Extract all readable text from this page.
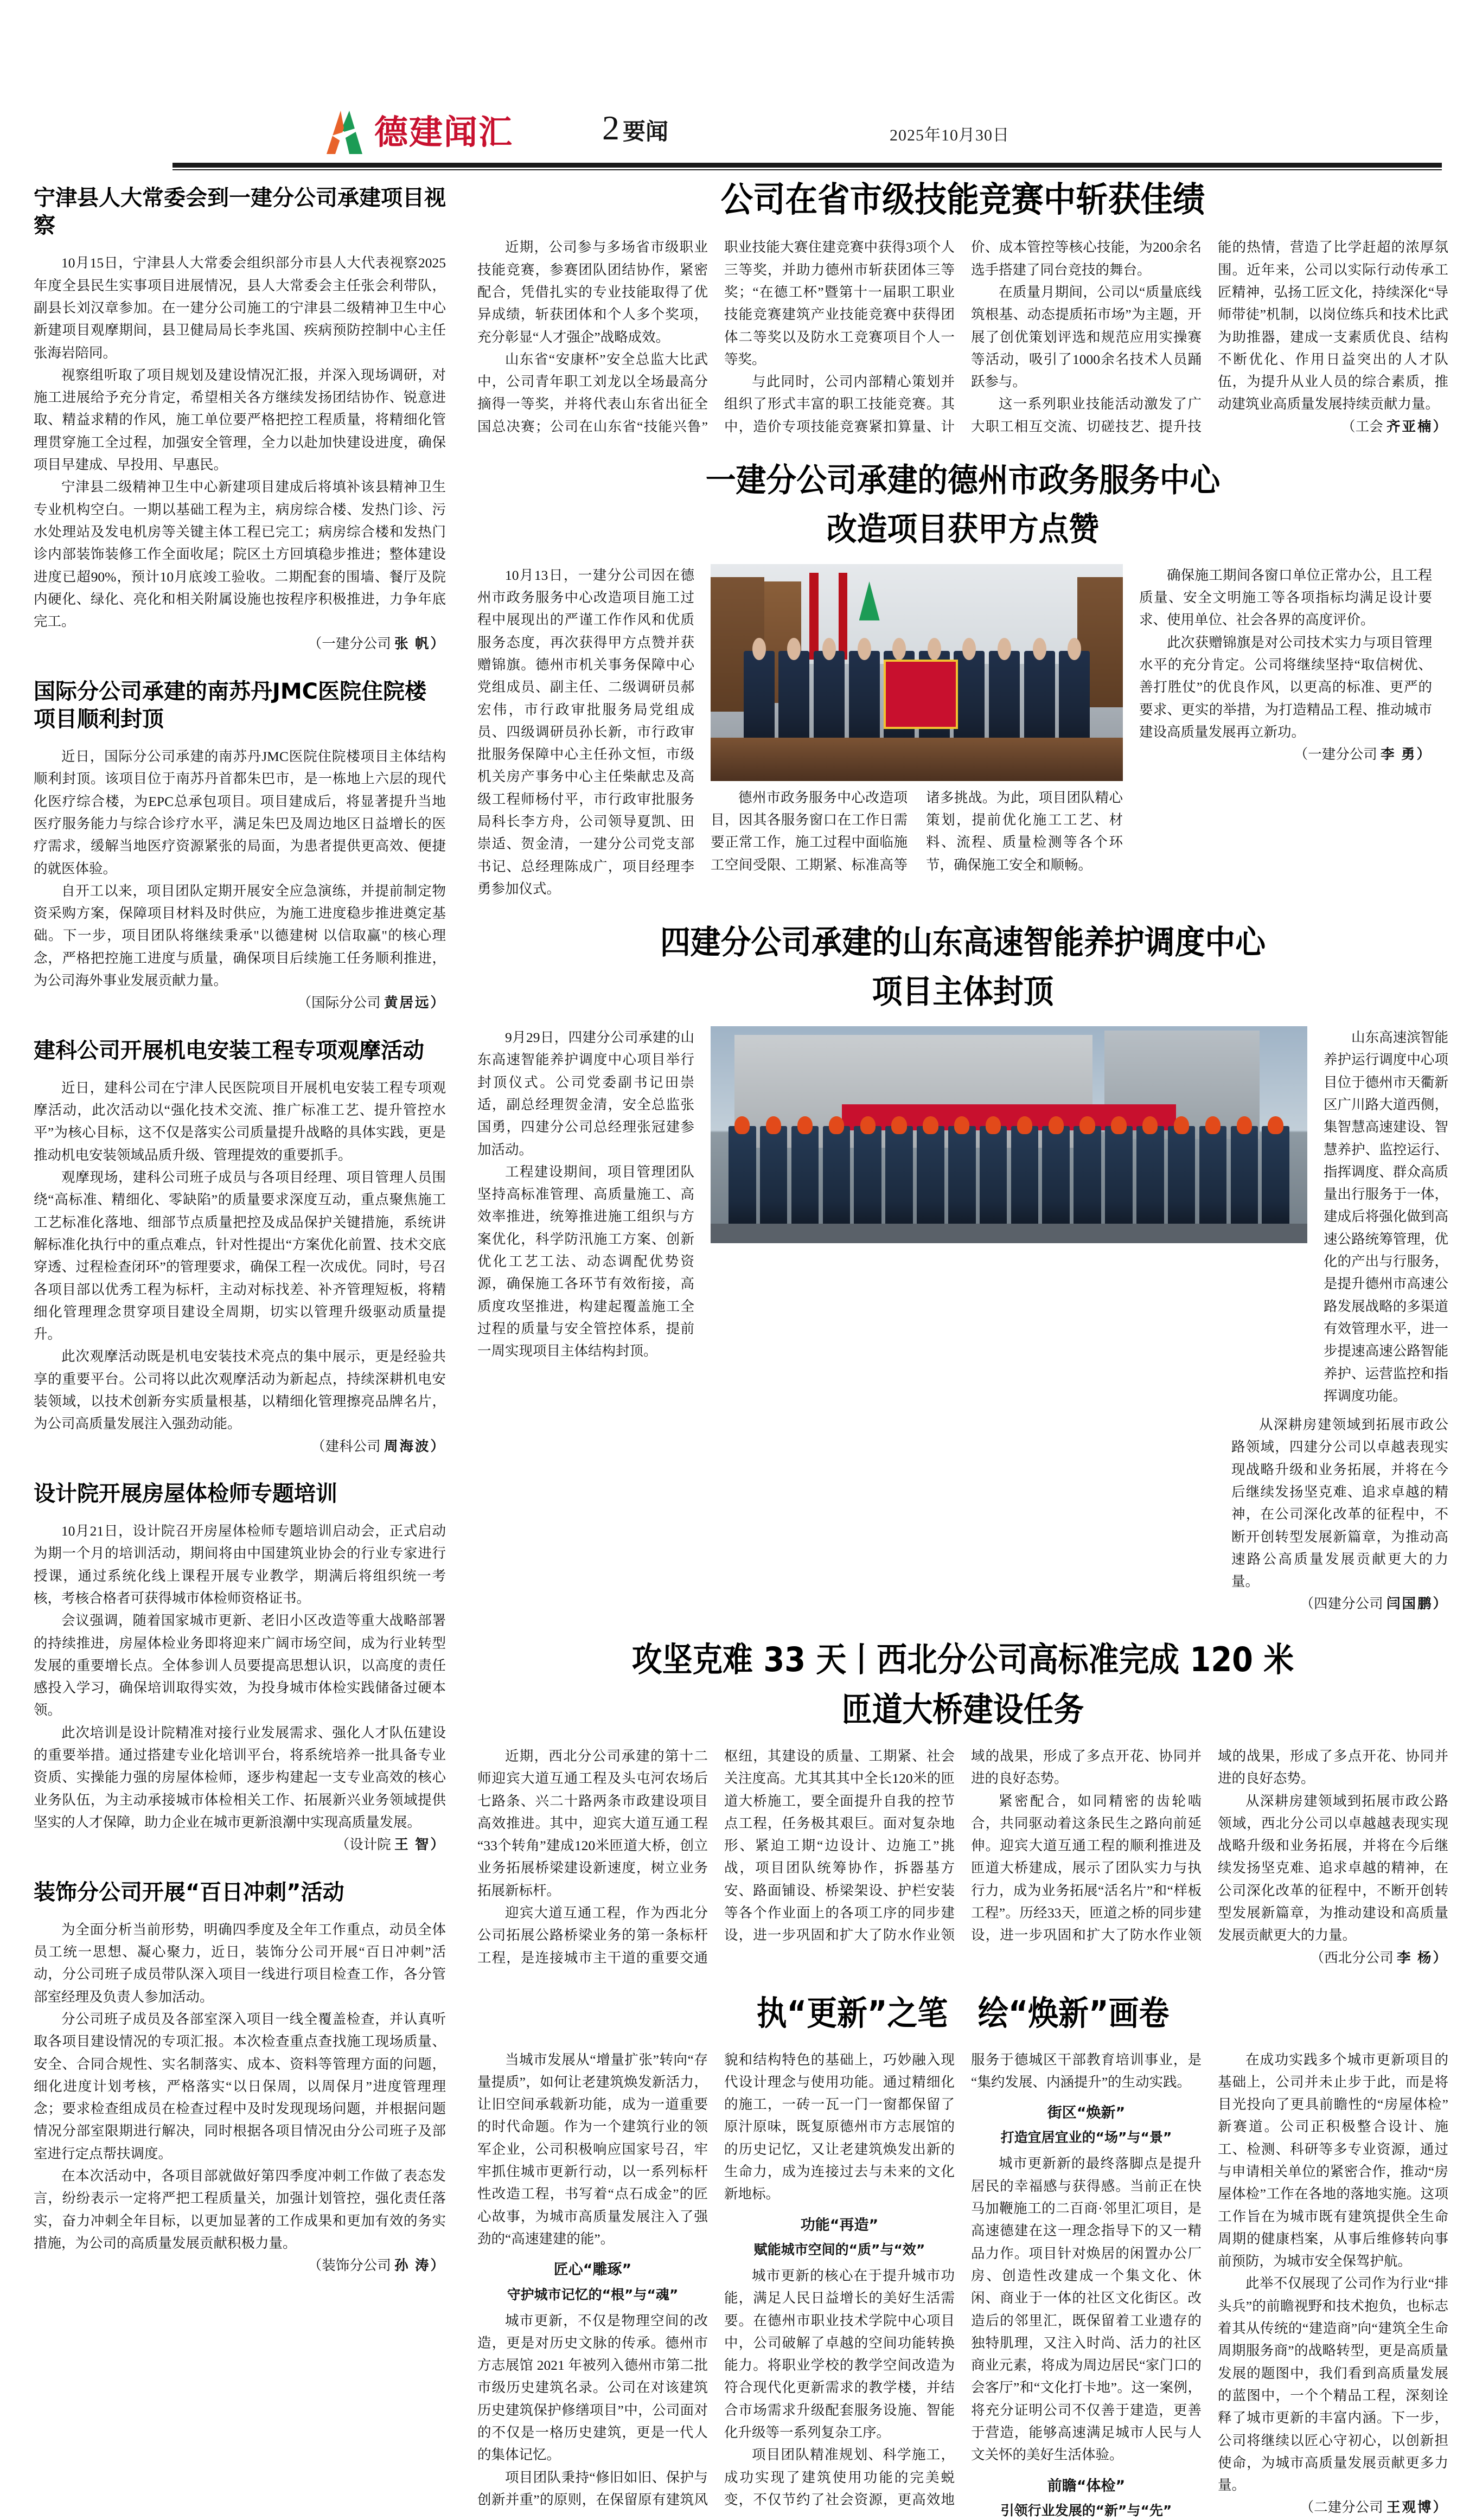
德建闻汇	2 要闻	2025年10月30日
宁津县人大常委会到一建分公司承建项目视察

10月15日，宁津县人大常委会组织部分市县人大代表视察2025年度全县民生实事项目进展情况，县人大常委会主任张会利带队，副县长刘汉章参加。在一建分公司施工的宁津县二级精神卫生中心新建项目观摩期间，县卫健局局长李兆国、疾病预防控制中心主任张海岩陪同。

视察组听取了项目规划及建设情况汇报，并深入现场调研，对施工进展给予充分肯定，希望相关各方继续发扬团结协作、锐意进取、精益求精的作风，施工单位要严格把控工程质量，将精细化管理贯穿施工全过程，加强安全管理，全力以赴加快建设进度，确保项目早建成、早投用、早惠民。

宁津县二级精神卫生中心新建项目建成后将填补该县精神卫生专业机构空白。一期以基础工程为主，病房综合楼、发热门诊、污水处理站及发电机房等关键主体工程已完工；病房综合楼和发热门诊内部装饰装修工作全面收尾；院区土方回填稳步推进；整体建设进度已超90%，预计10月底竣工验收。二期配套的围墙、餐厅及院内硬化、绿化、亮化和相关附属设施也按程序积极推进，力争年底完工。

（一建分公司 张 帆）

国际分公司承建的南苏丹JMC医院住院楼项目顺利封顶

近日，国际分公司承建的南苏丹JMC医院住院楼项目主体结构顺利封顶。该项目位于南苏丹首都朱巴市，是一栋地上六层的现代化医疗综合楼，为EPC总承包项目。项目建成后，将显著提升当地医疗服务能力与综合诊疗水平，满足朱巴及周边地区日益增长的医疗需求，缓解当地医疗资源紧张的局面，为患者提供更高效、便捷的就医体验。

自开工以来，项目团队定期开展安全应急演练，并提前制定物资采购方案，保障项目材料及时供应，为施工进度稳步推进奠定基础。下一步，项目团队将继续秉承"以德建树 以信取赢"的核心理念，严格把控施工进度与质量，确保项目后续施工任务顺利推进，为公司海外事业发展贡献力量。

（国际分公司 黄居远）

建科公司开展机电安装工程专项观摩活动

近日，建科公司在宁津人民医院项目开展机电安装工程专项观摩活动，此次活动以“强化技术交流、推广标准工艺、提升管控水平”为核心目标，这不仅是落实公司质量提升战略的具体实践，更是推动机电安装领域品质升级、管理提效的重要抓手。

观摩现场，建科公司班子成员与各项目经理、项目管理人员围绕“高标准、精细化、零缺陷”的质量要求深度互动，重点聚焦施工工艺标准化落地、细部节点质量把控及成品保护关键措施，系统讲解标准化执行中的重点难点，针对性提出“方案优化前置、技术交底穿透、过程检查闭环”的管理要求，确保工程一次成优。同时，号召各项目部以优秀工程为标杆，主动对标找差、补齐管理短板，将精细化管理理念贯穿项目建设全周期，切实以管理升级驱动质量提升。

此次观摩活动既是机电安装技术亮点的集中展示，更是经验共享的重要平台。公司将以此次观摩活动为新起点，持续深耕机电安装领域，以技术创新夯实质量根基，以精细化管理擦亮品牌名片，为公司高质量发展注入强劲动能。

（建科公司 周海波）

设计院开展房屋体检师专题培训

10月21日，设计院召开房屋体检师专题培训启动会，正式启动为期一个月的培训活动，期间将由中国建筑业协会的行业专家进行授课，通过系统化线上课程开展专业教学，期满后将组织统一考核，考核合格者可获得城市体检师资格证书。

会议强调，随着国家城市更新、老旧小区改造等重大战略部署的持续推进，房屋体检业务即将迎来广阔市场空间，成为行业转型发展的重要增长点。全体参训人员要提高思想认识，以高度的责任感投入学习，确保培训取得实效，为投身城市体检实践储备过硬本领。

此次培训是设计院精准对接行业发展需求、强化人才队伍建设的重要举措。通过搭建专业化培训平台，将系统培养一批具备专业资质、实操能力强的房屋体检师，逐步构建起一支专业高效的核心业务队伍，为主动承接城市体检相关工作、拓展新兴业务领域提供坚实的人才保障，助力企业在城市更新浪潮中实现高质量发展。

（设计院 王 智）

装饰分公司开展“百日冲刺”活动

为全面分析当前形势，明确四季度及全年工作重点，动员全体员工统一思想、凝心聚力，近日，装饰分公司开展“百日冲刺”活动，分公司班子成员带队深入项目一线进行项目检查工作，各分管部室经理及负责人参加活动。

分公司班子成员及各部室深入项目一线全覆盖检查，并认真听取各项目建设情况的专项汇报。本次检查重点查找施工现场质量、安全、合同合规性、实名制落实、成本、资料等管理方面的问题，细化进度计划考核，严格落实“以日保周，以周保月”进度管理理念；要求检查组成员在检查过程中及时发现现场问题，并根据问题情况分部室限期进行解决，同时根据各项目情况由分公司班子及部室进行定点帮扶调度。

在本次活动中，各项目部就做好第四季度冲刺工作做了表态发言，纷纷表示一定将严把工程质量关，加强计划管控，强化责任落实，奋力冲刺全年目标，以更加显著的工作成果和更加有效的务实措施，为公司的高质量发展贡献积极力量。

（装饰分公司 孙 涛）

公司在省市级技能竞赛中斩获佳绩

近期，公司参与多场省市级职业技能竞赛，参赛团队团结协作，紧密配合，凭借扎实的专业技能取得了优异成绩，斩获团体和个人多个奖项，充分彰显“人才强企”战略成效。

山东省“安康杯”安全总监大比武中，公司青年职工刘龙以全场最高分摘得一等奖，并将代表山东省出征全国总决赛；公司在山东省“技能兴鲁”职业技能大赛住建竞赛中获得3项个人三等奖，并助力德州市斩获团体三等奖；“在德工杯”暨第十一届职工职业技能竞赛建筑产业技能竞赛中获得团体二等奖以及防水工竞赛项目个人一等奖。

与此同时，公司内部精心策划并组织了形式丰富的职工技能竞赛。其中，造价专项技能竞赛紧扣算量、计价、成本管控等核心技能，为200余名选手搭建了同台竞技的舞台。

在质量月期间，公司以“质量底线筑根基、动态提质拓市场”为主题，开展了创优策划评选和规范应用实操赛等活动，吸引了1000余名技术人员踊跃参与。

这一系列职业技能活动激发了广大职工相互交流、切磋技艺、提升技能的热情，营造了比学赶超的浓厚氛围。近年来，公司以实际行动传承工匠精神，弘扬工匠文化，持续深化“导师带徒”机制，以岗位练兵和技术比武为助推器，建成一支素质优良、结构不断优化、作用日益突出的人才队伍，为提升从业人员的综合素质，推动建筑业高质量发展持续贡献力量。

（工会 齐亚楠）

一建分公司承建的德州市政务服务中心
改造项目获甲方点赞

10月13日，一建分公司因在德州市政务服务中心改造项目施工过程中展现出的严谨工作作风和优质服务态度，再次获得甲方点赞并获赠锦旗。德州市机关事务保障中心党组成员、副主任、二级调研员郝宏伟，市行政审批服务局党组成员、四级调研员孙长新，市行政审批服务保障中心主任孙文恒，市级机关房产事务中心主任柴献忠及高级工程师杨付平，市行政审批服务局科长李方舟，公司领导夏凯、田崇适、贺金清，一建分公司党支部书记、总经理陈成广，项目经理李勇参加仪式。

德州市政务服务中心改造项目，因其各服务窗口在工作日需要正常工作，施工过程中面临施工空间受限、工期紧、标准高等诸多挑战。为此，项目团队精心策划，提前优化施工工艺、材料、流程、质量检测等各个环节，确保施工安全和顺畅。

确保施工期间各窗口单位正常办公，且工程质量、安全文明施工等各项指标均满足设计要求、使用单位、社会各界的高度评价。

此次获赠锦旗是对公司技术实力与项目管理水平的充分肯定。公司将继续坚持“取信树优、善打胜仗”的优良作风，以更高的标准、更严的要求、更实的举措，为打造精品工程、推动城市建设高质量发展再立新功。

（一建分公司 李 勇）

四建分公司承建的山东高速智能养护调度中心
项目主体封顶

9月29日，四建分公司承建的山东高速智能养护调度中心项目举行封顶仪式。公司党委副书记田崇适，副总经理贺金清，安全总监张国勇，四建分公司总经理张冠建参加活动。

工程建设期间，项目管理团队坚持高标准管理、高质量施工、高效率推进，统筹推进施工组织与方案优化，科学防汛施工方案、创新优化工艺工法、动态调配优势资源，确保施工各环节有效衔接，高质度攻坚推进，构建起覆盖施工全过程的质量与安全管控体系，提前一周实现项目主体结构封顶。

山东高速滨智能养护运行调度中心项目位于德州市天衢新区广川路大道西侧，集智慧高速建设、智慧养护、监控运行、指挥调度、群众高质量出行服务于一体，建成后将强化做到高速公路统筹管理，优化的产出与行服务，是提升德州市高速公路发展战略的多渠道有效管理水平，进一步提速高速公路智能养护、运营监控和指挥调度功能。

从深耕房建领域到拓展市政公路领域，四建分公司以卓越表现实现战略升级和业务拓展，并将在今后继续发扬坚克难、追求卓越的精神，在公司深化改革的征程中，不断开创转型发展新篇章，为推动高速路公高质量发展贡献更大的力量。

（四建分公司 闫国鹏）

攻坚克难 33 天丨西北分公司高标准完成 120 米
匝道大桥建设任务

近期，西北分公司承建的第十二师迎宾大道互通工程及头屯河农场后七路条、兴二十路两条市政建设项目高效推进。其中，迎宾大道互通工程“33个转角”建成120米匝道大桥，创立业务拓展桥梁建设新速度，树立业务拓展新标杆。

迎宾大道互通工程，作为西北分公司拓展公路桥梁业务的第一条标杆工程，是连接城市主干道的重要交通枢纽，其建设的质量、工期紧、社会关注度高。尤其其其中全长120米的匝道大桥施工，要全面提升自我的控节点工程，任务极其艰巨。面对复杂地形、紧迫工期“边设计、边施工”挑战，项目团队统筹协作，拆器基方安、路面铺设、桥梁架设、护栏安装等各个作业面上的各项工序的同步建设，进一步巩固和扩大了防水作业领域的战果，形成了多点开花、协同并进的良好态势。

紧密配合，如同精密的齿轮啮合，共同驱动着这条民生之路向前延伸。迎宾大道互通工程的顺利推进及匝道大桥建成，展示了团队实力与执行力，成为业务拓展“活名片”和“样板工程”。历经33天，匝道之桥的同步建设，进一步巩固和扩大了防水作业领域的战果，形成了多点开花、协同并进的良好态势。

从深耕房建领域到拓展市政公路领域，西北分公司以卓越越表现实现战略升级和业务拓展，并将在今后继续发扬坚克难、追求卓越的精神，在公司深化改革的征程中，不断开创转型发展新篇章，为推动建设和高质量发展贡献更大的力量。

（西北分公司 李 杨）

执“更新”之笔　绘“焕新”画卷

当城市发展从“增量扩张”转向“存量提质”，如何让老建筑焕发新活力，让旧空间承载新功能，成为一道重要的时代命题。作为一个建筑行业的领军企业，公司积极响应国家号召，牢牢抓住城市更新行动，以一系列标杆性改造工程，书写着“点石成金”的匠心故事，为城市高质量发展注入了强劲的“高速建建的能”。

匠心“雕琢”
守护城市记忆的“根”与“魂”

城市更新，不仅是物理空间的改造，更是对历史文脉的传承。德州市方志展馆 2021 年被列入德州市第二批市级历史建筑名录。公司在对该建筑历史建筑保护修缮项目”中，公司面对的不仅是一格历史建筑，更是一代人的集体记忆。

项目团队秉持“修旧如旧、保护与创新并重”的原则，在保留原有建筑风貌和结构特色的基础上，巧妙融入现代设计理念与使用功能。通过精细化的施工，一砖一瓦一门一窗都保留了原汁原味，既复原德州市方志展馆的的历史记忆，又让老建筑焕发出新的生命力，成为连接过去与未来的文化新地标。

功能“再造”
赋能城市空间的“质”与“效”

城市更新的核心在于提升城市功能，满足人民日益增长的美好生活需要。在德州市职业技术学院中心项目中，公司破解了卓越的空间功能转换能力。将职业学校的教学空间改造为符合现代化更新需求的教学楼，并结合市场需求升级配套服务设施、智能化升级等一系列复杂工序。

项目团队精准规划、科学施工，成功实现了建筑使用功能的完美蜕变，不仅节约了社会资源，更高效地服务于德城区干部教育培训事业，是“集约发展、内涵提升”的生动实践。

街区“焕新”
打造宜居宜业的“场”与“景”

城市更新新的最终落脚点是提升居民的幸福感与获得感。当前正在快马加鞭施工的二百商·邻里汇项目，是高速德建在这一理念指导下的又一精品力作。项目针对焕居的闲置办公厂房、创造性改建成一个集文化、休闲、商业于一体的社区文化街区。改造后的邻里汇，既保留着工业遗存的独特肌理，又注入时尚、活力的社区商业元素，将成为周边居民“家门口的会客厅”和“文化打卡地”。这一案例，将充分证明公司不仅善于建造，更善于营造，能够高速满足城市人民与人文关怀的美好生活体验。

前瞻“体检”
引领行业发展的“新”与“先”

在成功实践多个城市更新项目的基础上，公司并未止步于此，而是将目光投向了更具前瞻性的“房屋体检”新赛道。公司正积极整合设计、施工、检测、科研等多专业资源，通过与申请相关单位的紧密合作，推动“房屋体检”工作在各地的落地实施。这项工作旨在为城市既有建筑提供全生命周期的健康档案，从事后维修转向事前预防，为城市安全保驾护航。

此举不仅展现了公司作为行业“排头兵”的前瞻视野和技术抱负，也标志着其从传统的“建造商”向“建筑全生命周期服务商”的战略转型，更是高质量发展的题图中，我们看到高质量发展的蓝图中，一个个精品工程，深刻诠释了城市更新的丰富内涵。下一步，公司将继续以匠心守初心，以创新担使命，为城市高质量发展贡献更多力量。

（二建分公司 王观博）
